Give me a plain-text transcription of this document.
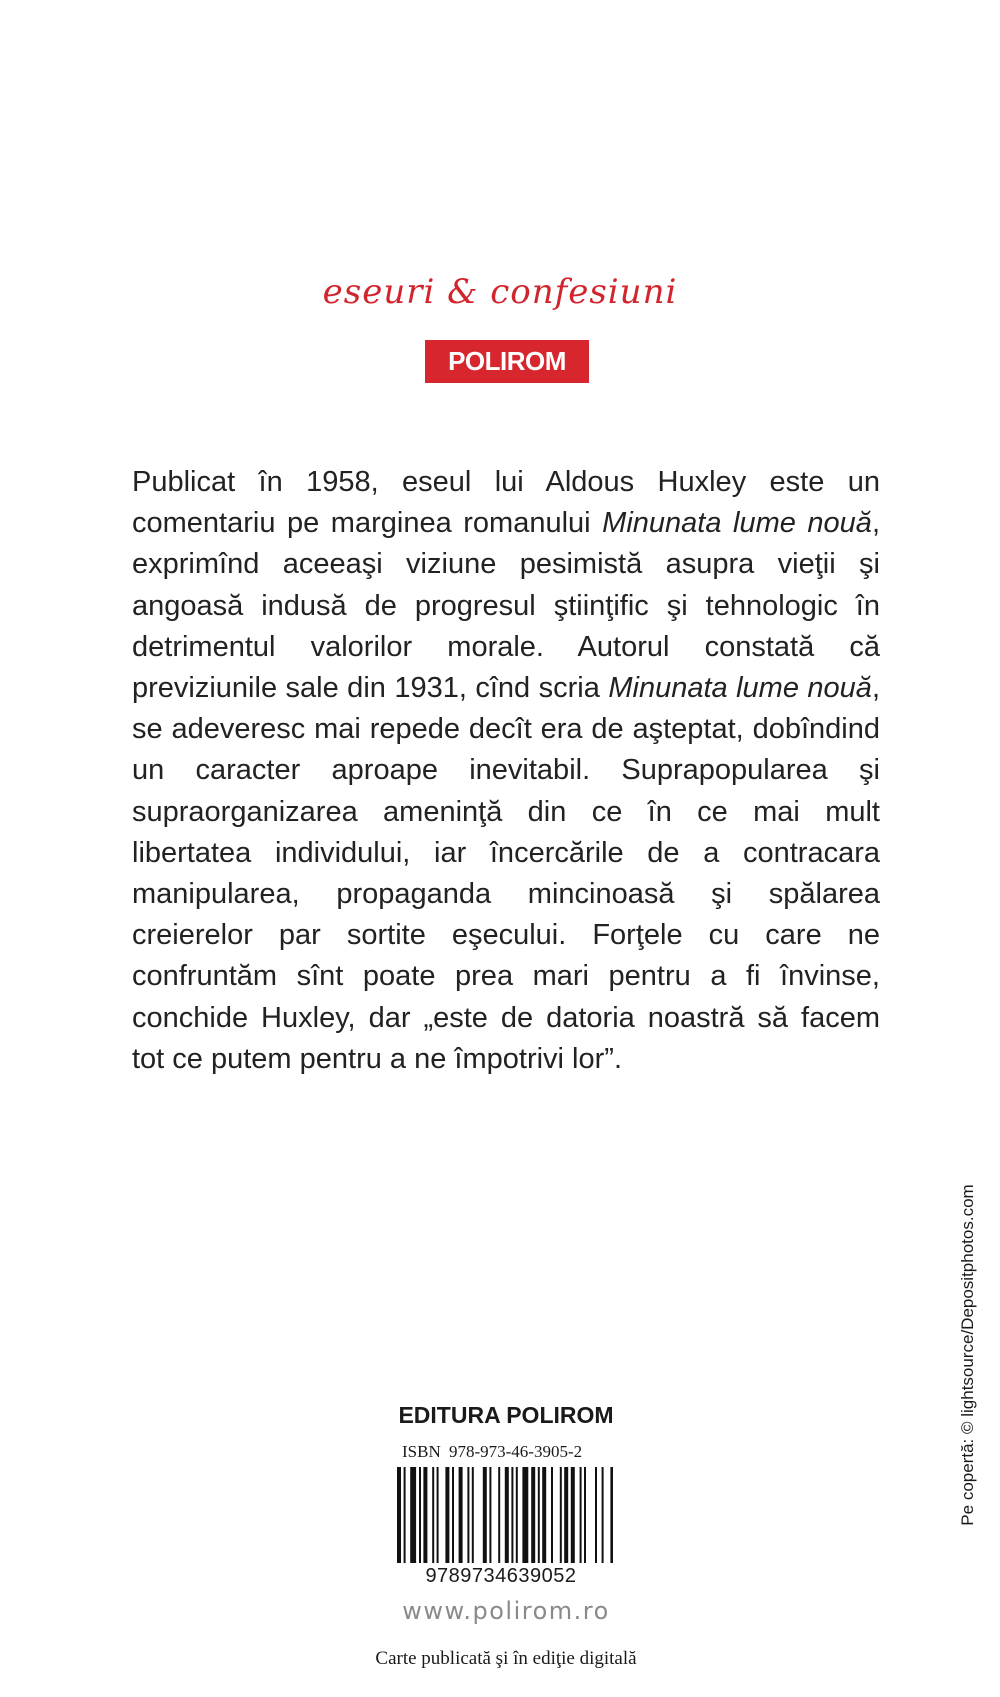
eseuri & confesiuni
POLIROM

Publicat în 1958, eseul lui Aldous Huxley este un comentariu pe marginea romanului Minunata lume nouă, exprimînd aceeaşi viziune pesimistă asupra vieţii şi angoasă indusă de progresul ştiinţific şi tehnologic în detrimentul valorilor morale. Autorul constată că previziunile sale din 1931, cînd scria Minunata lume nouă, se adeveresc mai repede decît era de aşteptat, dobîndind un caracter aproape inevitabil. Suprapopularea şi supraorganizarea ameninţă din ce în ce mai mult libertatea individului, iar încercările de a contracara manipularea, propaganda mincinoasă şi spălarea creierelor par sortite eşecului. Forţele cu care ne confruntăm sînt poate prea mari pentru a fi învinse, conchide Huxley, dar „este de datoria noastră să facem tot ce putem pentru a ne împotrivi lor”.

EDITURA POLIROM
ISBN 978-973-46-3905-2
9789734639052
www.polirom.ro
Carte publicată şi în ediţie digitală
Pe copertă: © lightsource/Depositphotos.com
